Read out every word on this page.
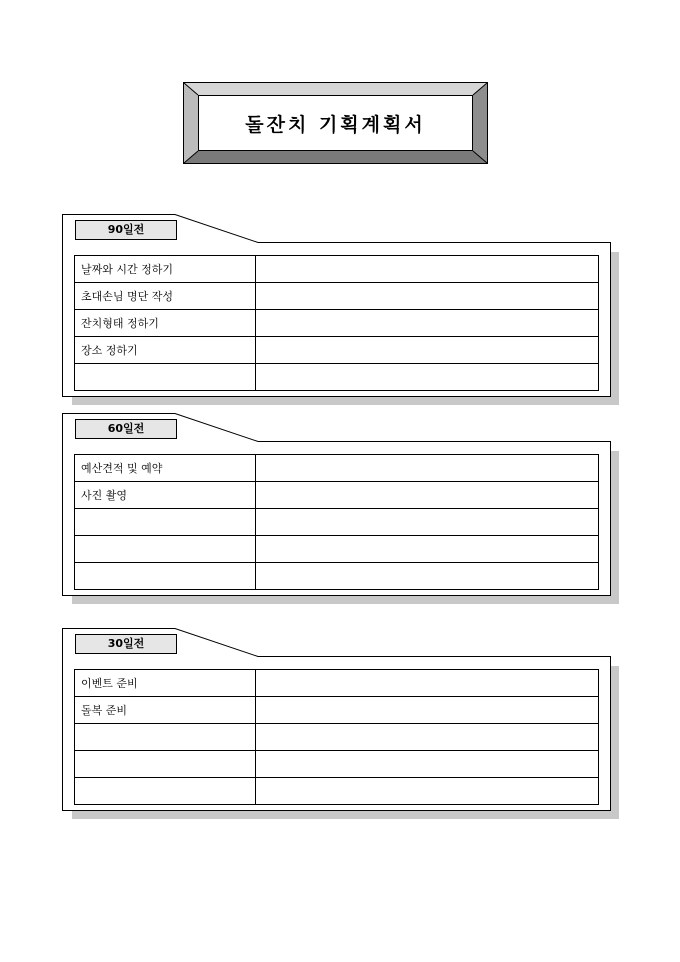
돌잔치 기획계획서
90일전
날짜와 시간 정하기	
초대손님 명단 작성	
잔치형태 정하기	
장소 정하기	

60일전
예산견적 및 예약	
사진 촬영	

30일전
이벤트 준비	
돌복 준비	
